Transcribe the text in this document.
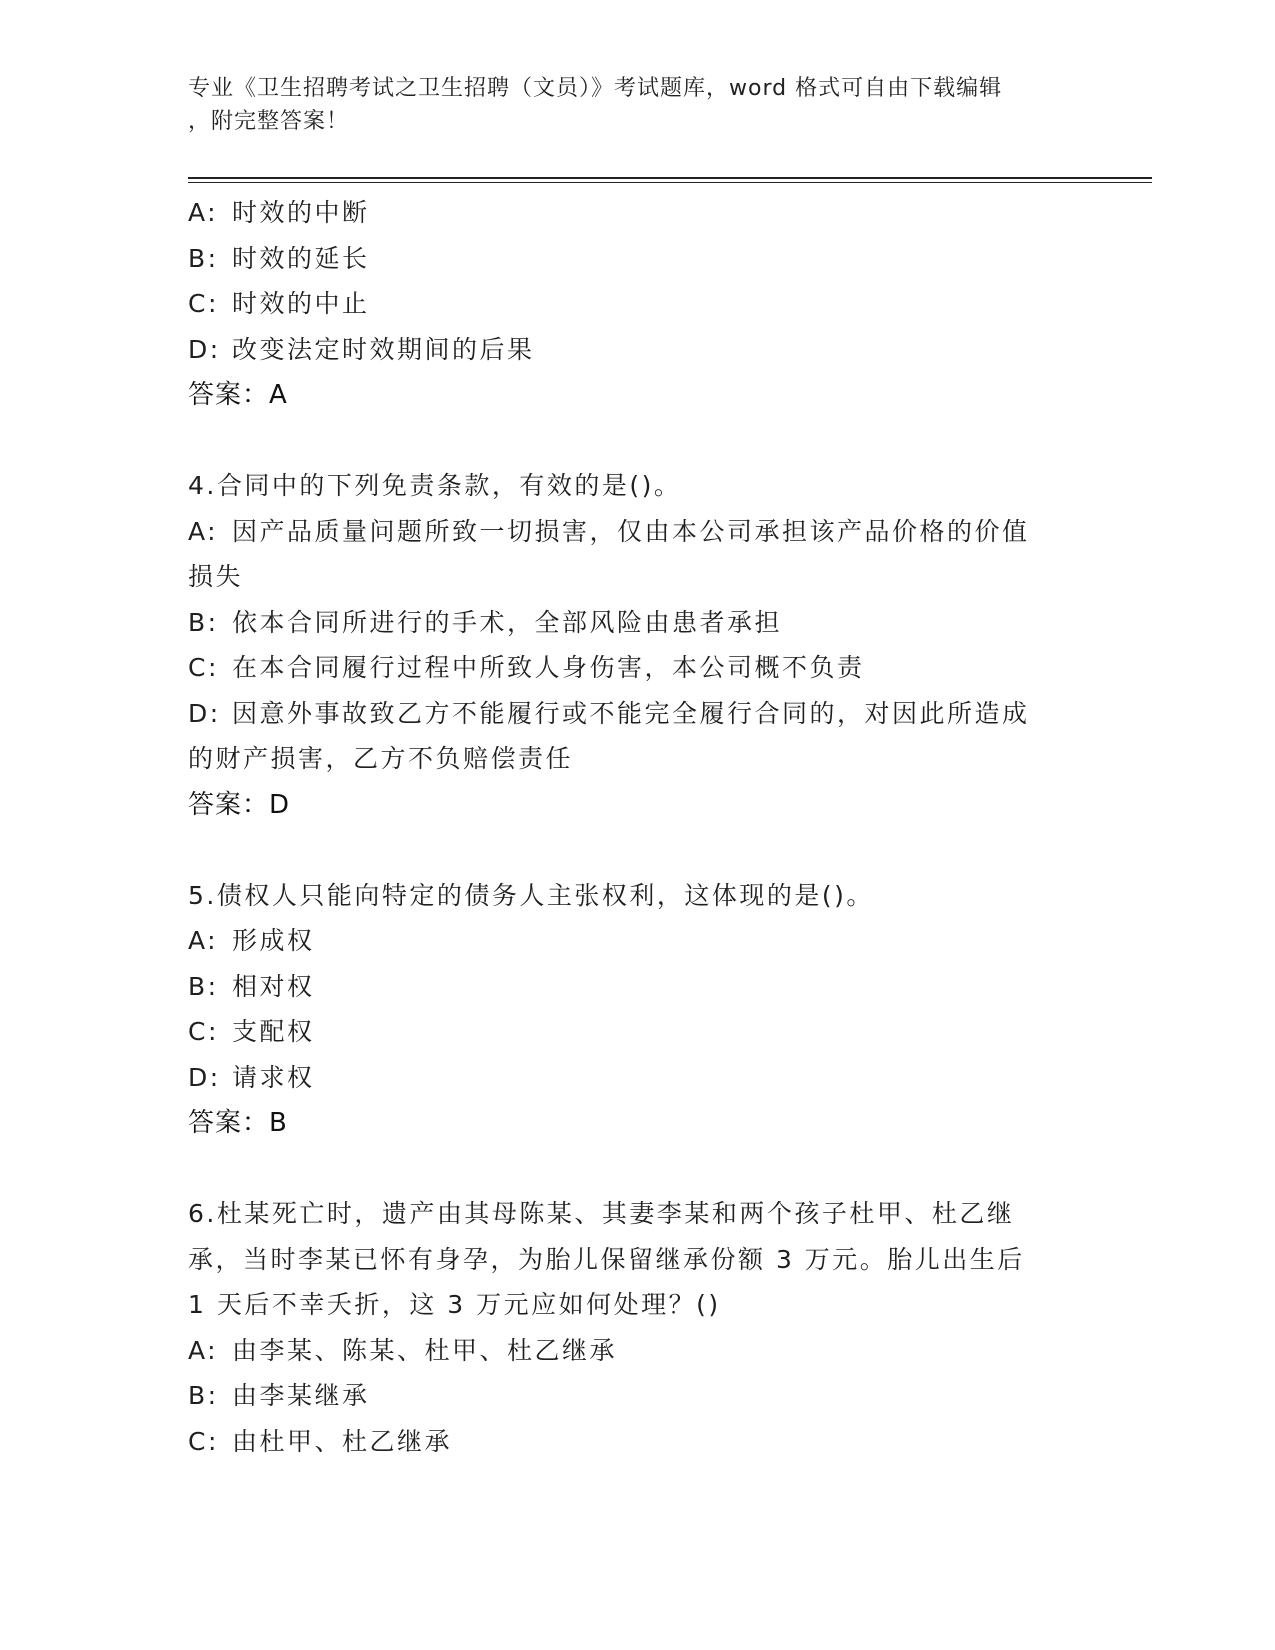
专业《卫生招聘考试之卫生招聘（文员）》考试题库，word 格式可自由下载编辑
，附完整答案！
A: 时效的中断
B: 时效的延长
C: 时效的中止
D: 改变法定时效期间的后果
答案：A
4.合同中的下列免责条款，有效的是()。
A: 因产品质量问题所致一切损害，仅由本公司承担该产品价格的价值
损失
B: 依本合同所进行的手术，全部风险由患者承担
C: 在本合同履行过程中所致人身伤害，本公司概不负责
D: 因意外事故致乙方不能履行或不能完全履行合同的，对因此所造成
的财产损害，乙方不负赔偿责任
答案：D
5.债权人只能向特定的债务人主张权利，这体现的是()。
A: 形成权
B: 相对权
C: 支配权
D: 请求权
答案：B
6.杜某死亡时，遗产由其母陈某、其妻李某和两个孩子杜甲、杜乙继
承，当时李某已怀有身孕，为胎儿保留继承份额 3 万元。胎儿出生后
1 天后不幸夭折，这 3 万元应如何处理？()
A: 由李某、陈某、杜甲、杜乙继承
B: 由李某继承
C: 由杜甲、杜乙继承
